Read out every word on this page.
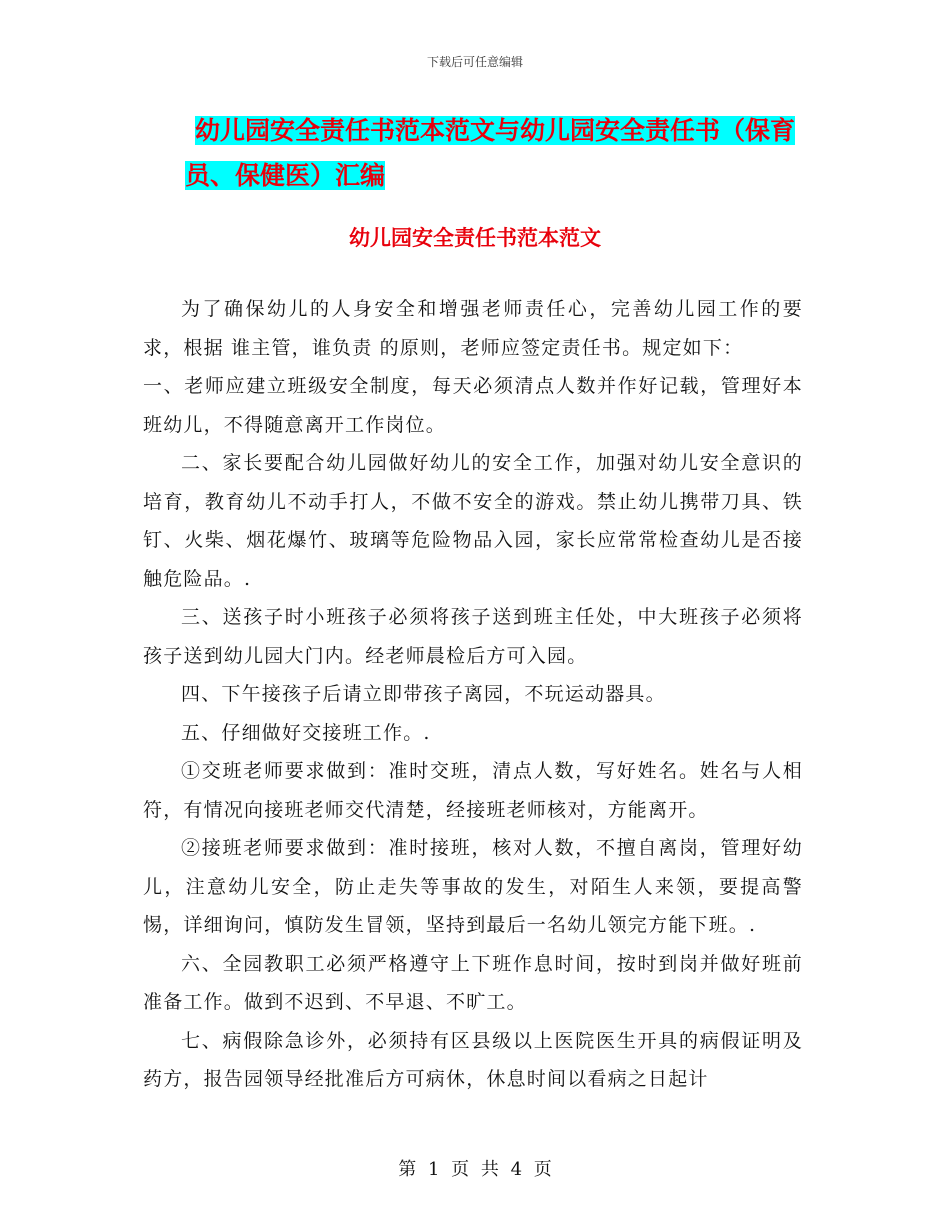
下载后可任意编辑
幼儿园安全责任书范本范文与幼儿园安全责任书（保育员、保健医）汇编
幼儿园安全责任书范本范文

为了确保幼儿的人身安全和增强老师责任心，完善幼儿园工作的要求，根据 谁主管，谁负责 的原则，老师应签定责任书。规定如下：

一、老师应建立班级安全制度，每天必须清点人数并作好记载，管理好本班幼儿，不得随意离开工作岗位。

二、家长要配合幼儿园做好幼儿的安全工作，加强对幼儿安全意识的培育，教育幼儿不动手打人，不做不安全的游戏。禁止幼儿携带刀具、铁钉、火柴、烟花爆竹、玻璃等危险物品入园，家长应常常检查幼儿是否接触危险品。.

三、送孩子时小班孩子必须将孩子送到班主任处，中大班孩子必须将孩子送到幼儿园大门内。经老师晨检后方可入园。

四、下午接孩子后请立即带孩子离园，不玩运动器具。

五、仔细做好交接班工作。.

①交班老师要求做到：准时交班，清点人数，写好姓名。姓名与人相符，有情况向接班老师交代清楚，经接班老师核对，方能离开。

②接班老师要求做到：准时接班，核对人数，不擅自离岗，管理好幼儿，注意幼儿安全，防止走失等事故的发生，对陌生人来领，要提高警惕，详细询问，慎防发生冒领，坚持到最后一名幼儿领完方能下班。.

六、全园教职工必须严格遵守上下班作息时间，按时到岗并做好班前准备工作。做到不迟到、不早退、不旷工。

七、病假除急诊外，必须持有区县级以上医院医生开具的病假证明及药方，报告园领导经批准后方可病休，休息时间以看病之日起计

第 1 页 共 4 页
